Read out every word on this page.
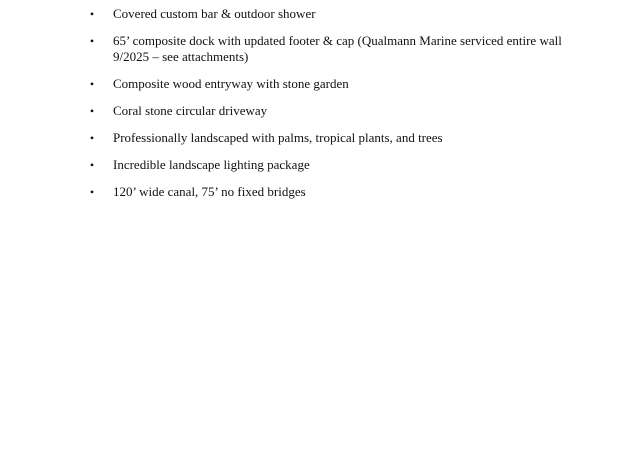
• Covered custom bar & outdoor shower
• 65’ composite dock with updated footer & cap (Qualmann Marine serviced entire wall 9/2025 – see attachments)
• Composite wood entryway with stone garden
• Coral stone circular driveway
• Professionally landscaped with palms, tropical plants, and trees
• Incredible landscape lighting package
• 120’ wide canal, 75’ no fixed bridges
